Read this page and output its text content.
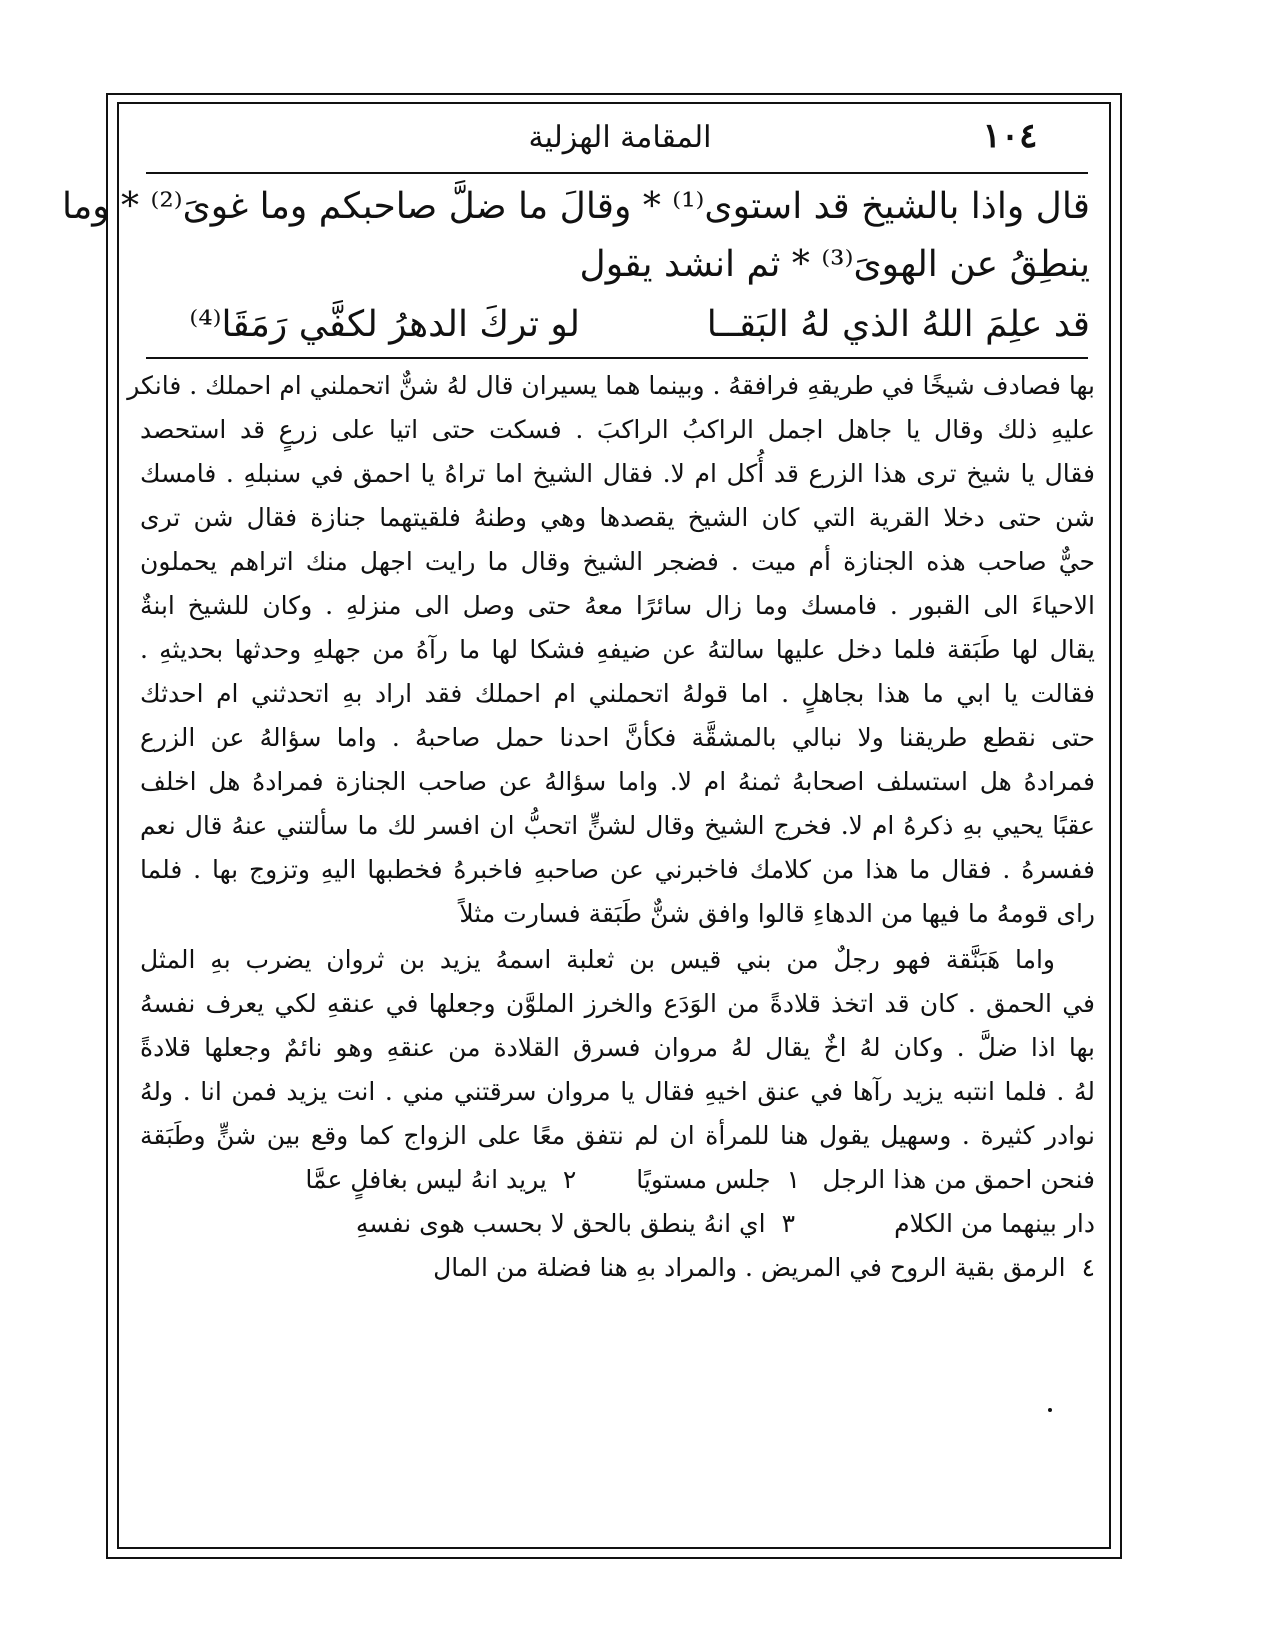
١٠٤
المقامة الهزلية
قال واذا بالشيخ قد استوى⁽¹⁾ * وقالَ ما ضلَّ صاحبكم وما غوىَ⁽²⁾ * وما
ينطِقُ عن الهوىَ⁽³⁾ * ثم انشد يقول
قد علِمَ اللهُ الذي لهُ البَقــالو تركَ الدهرُ لكفَّي رَمَقَا⁽⁴⁾
بها فصادف شيخًا في طريقهِ فرافقهُ . وبينما هما يسيران قال لهُ شنٌّ اتحملني ام احملك . فانكر
عليهِ ذلك وقال يا جاهل اجمل الراكبُ الراكبَ . فسكت حتى اتيا على زرعٍ قد استحصد
فقال يا شيخ ترى هذا الزرع قد أُكل ام لا. فقال الشيخ اما تراهُ يا احمق في سنبلهِ . فامسك
شن حتى دخلا القرية التي كان الشيخ يقصدها وهي وطنهُ فلقيتهما جنازة فقال شن ترى
حيٌّ صاحب هذه الجنازة أم ميت . فضجر الشيخ وقال ما رايت اجهل منك اتراهم يحملون
الاحياءَ الى القبور . فامسك وما زال سائرًا معهُ حتى وصل الى منزلهِ . وكان للشيخ ابنةٌ
يقال لها طَبَقة فلما دخل عليها سالتهُ عن ضيفهِ فشكا لها ما رآهُ من جهلهِ وحدثها بحديثهِ .
فقالت يا ابي ما هذا بجاهلٍ . اما قولهُ اتحملني ام احملك فقد اراد بهِ اتحدثني ام احدثك
حتى نقطع طريقنا ولا نبالي بالمشقَّة فكأنَّ احدنا حمل صاحبهُ . واما سؤالهُ عن الزرع
فمرادهُ هل استسلف اصحابهُ ثمنهُ ام لا. واما سؤالهُ عن صاحب الجنازة فمرادهُ هل اخلف
عقبًا يحيي بهِ ذكرهُ ام لا. فخرج الشيخ وقال لشنٍّ اتحبُّ ان افسر لك ما سألتني عنهُ قال نعم
ففسرهُ . فقال ما هذا من كلامك فاخبرني عن صاحبهِ فاخبرهُ فخطبها اليهِ وتزوج بها . فلما
راى قومهُ ما فيها من الدهاءِ قالوا وافق شنٌّ طَبَقة فسارت مثلاً
واما هَبَنَّقة فهو رجلٌ من بني قيس بن ثعلبة اسمهُ يزيد بن ثروان يضرب بهِ المثل
في الحمق . كان قد اتخذ قلادةً من الوَدَع والخرز الملوَّن وجعلها في عنقهِ لكي يعرف نفسهُ
بها اذا ضلَّ . وكان لهُ اخٌ يقال لهُ مروان فسرق القلادة من عنقهِ وهو نائمٌ وجعلها قلادةً
لهُ . فلما انتبه يزيد رآها في عنق اخيهِ فقال يا مروان سرقتني مني . انت يزيد فمن انا . ولهُ
نوادر كثيرة . وسهيل يقول هنا للمرأة ان لم نتفق معًا على الزواج كما وقع بين شنٍّ وطَبَقة
فنحن احمق من هذا الرجل١جلس مستويًا٢يريد انهُ ليس بغافلٍ عمَّا
دار بينهما من الكلام٣اي انهُ ينطق بالحق لا بحسب هوى نفسهِ
٤الرمق بقية الروح في المريض . والمراد بهِ هنا فضلة من المال
